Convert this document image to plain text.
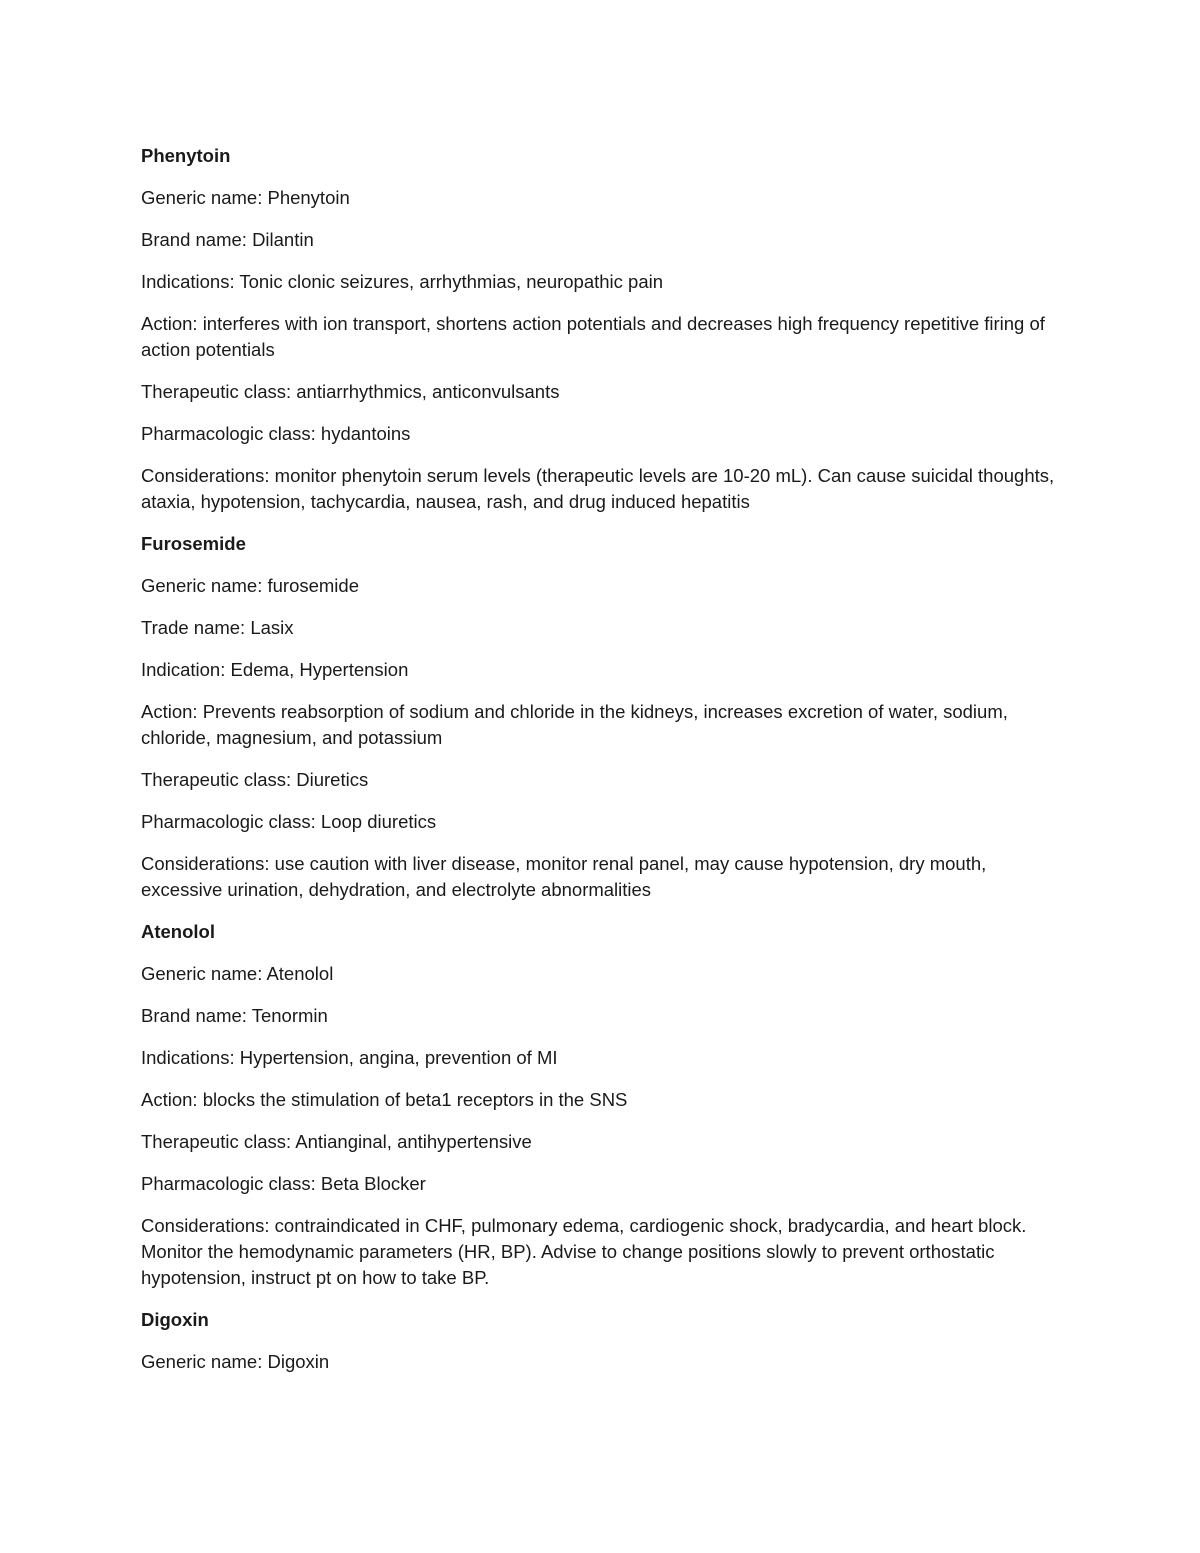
Phenytoin

Generic name: Phenytoin

Brand name: Dilantin

Indications: Tonic clonic seizures, arrhythmias, neuropathic pain

Action: interferes with ion transport, shortens action potentials and decreases high frequency repetitive firing of action potentials

Therapeutic class: antiarrhythmics, anticonvulsants

Pharmacologic class: hydantoins

Considerations: monitor phenytoin serum levels (therapeutic levels are 10-20 mL). Can cause suicidal thoughts, ataxia, hypotension, tachycardia, nausea, rash, and drug induced hepatitis

Furosemide

Generic name: furosemide

Trade name: Lasix

Indication: Edema, Hypertension

Action: Prevents reabsorption of sodium and chloride in the kidneys, increases excretion of water, sodium, chloride, magnesium, and potassium

Therapeutic class: Diuretics

Pharmacologic class: Loop diuretics

Considerations: use caution with liver disease, monitor renal panel, may cause hypotension, dry mouth, excessive urination, dehydration, and electrolyte abnormalities

Atenolol

Generic name: Atenolol

Brand name: Tenormin

Indications: Hypertension, angina, prevention of MI

Action: blocks the stimulation of beta1 receptors in the SNS

Therapeutic class: Antianginal, antihypertensive

Pharmacologic class: Beta Blocker

Considerations: contraindicated in CHF, pulmonary edema, cardiogenic shock, bradycardia, and heart block. Monitor the hemodynamic parameters (HR, BP). Advise to change positions slowly to prevent orthostatic hypotension, instruct pt on how to take BP.

Digoxin

Generic name: Digoxin
